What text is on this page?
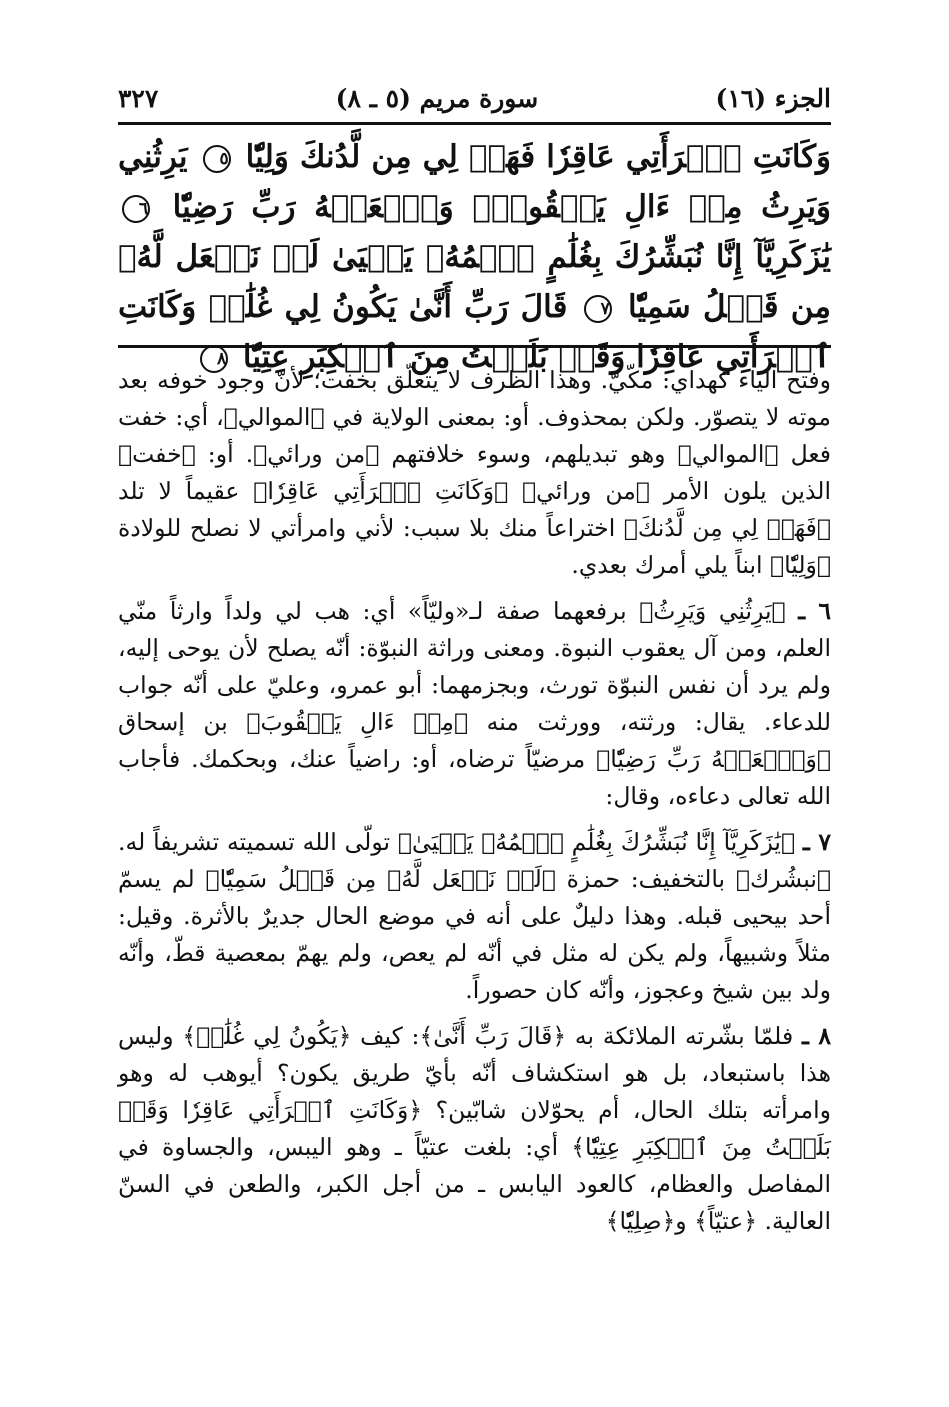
الجزء (١٦)
سورة مريم (٥ ـ ٨)
٣٢٧
وَكَانَتِ ٱمۡرَأَتِي عَاقِرٗا فَهَبۡ لِي مِن لَّدُنكَ وَلِيّٗا ٥ يَرِثُنِي وَيَرِثُ مِنۡ ءَالِ يَعۡقُوبَۖ وَٱجۡعَلۡهُ رَبِّ رَضِيّٗا ٦ يَٰزَكَرِيَّآ إِنَّا نُبَشِّرُكَ بِغُلَٰمٍ ٱسۡمُهُۥ يَحۡيَىٰ لَمۡ نَجۡعَل لَّهُۥ مِن قَبۡلُ سَمِيّٗا ٧ قَالَ رَبِّ أَنَّىٰ يَكُونُ لِي غُلَٰمٞ وَكَانَتِ ٱمۡرَأَتِي عَاقِرٗا وَقَدۡ بَلَغۡتُ مِنَ ٱلۡكِبَرِ عِتِيّٗا ٨

وفتح الياء كهداي: مكّيّ. وهذا الظرف لا يتعلّق بخفت؛ لأنّ وجود خوفه بعد موته لا يتصوّر. ولكن بمحذوف. أو: بمعنى الولاية في ﴿الموالي﴾، أي: خفت فعل ﴿الموالي﴾ وهو تبديلهم، وسوء خلافتهم ﴿من ورائي﴾. أو: ﴿خفت﴾ الذين يلون الأمر ﴿من ورائي﴾ ﴿وَكَانَتِ ٱمۡرَأَتِي عَاقِرٗا﴾ عقيماً لا تلد ﴿فَهَبۡ لِي مِن لَّدُنكَ﴾ اختراعاً منك بلا سبب: لأني وامرأتي لا نصلح للولادة ﴿وَلِيّٗا﴾ ابناً يلي أمرك بعدي.

٦ ـ ﴿يَرِثُنِي وَيَرِثُ﴾ برفعهما صفة لـ«وليّاً» أي: هب لي ولداً وارثاً منّي العلم، ومن آل يعقوب النبوة. ومعنى وراثة النبوّة: أنّه يصلح لأن يوحى إليه، ولم يرد أن نفس النبوّة تورث، وبجزمهما: أبو عمرو، وعليّ على أنّه جواب للدعاء. يقال: ورثته، وورثت منه ﴿مِنۡ ءَالِ يَعۡقُوبَ﴾ بن إسحاق ﴿وَٱجۡعَلۡهُ رَبِّ رَضِيّٗا﴾ مرضيّاً ترضاه، أو: راضياً عنك، وبحكمك. فأجاب الله تعالى دعاءه، وقال:

٧ ـ ﴿يَٰزَكَرِيَّآ إِنَّا نُبَشِّرُكَ بِغُلَٰمٍ ٱسۡمُهُۥ يَحۡيَىٰ﴾ تولّى الله تسميته تشريفاً له. ﴿نبشُرك﴾ بالتخفيف: حمزة ﴿لَمۡ نَجۡعَل لَّهُۥ مِن قَبۡلُ سَمِيّٗا﴾ لم يسمّ أحد بيحيى قبله. وهذا دليلٌ على أنه في موضع الحال جديرٌ بالأثرة. وقيل: مثلاً وشبيهاً، ولم يكن له مثل في أنّه لم يعص، ولم يهمّ بمعصية قطّ، وأنّه ولد بين شيخ وعجوز، وأنّه كان حصوراً.

٨ ـ فلمّا بشّرته الملائكة به ﴿قَالَ رَبِّ أَنَّىٰ﴾: كيف ﴿يَكُونُ لِي غُلَٰمٞ﴾ وليس هذا باستبعاد، بل هو استكشاف أنّه بأيّ طريق يكون؟ أيوهب له وهو وامرأته بتلك الحال، أم يحوّلان شابّين؟ ﴿وَكَانَتِ ٱمۡرَأَتِي عَاقِرٗا وَقَدۡ بَلَغۡتُ مِنَ ٱلۡكِبَرِ عِتِيّٗا﴾ أي: بلغت عتيّاً ـ وهو اليبس، والجساوة في المفاصل والعظام، كالعود اليابس ـ من أجل الكبر، والطعن في السنّ العالية. ﴿عتيّاً﴾ و﴿صِلِيّٗا﴾
